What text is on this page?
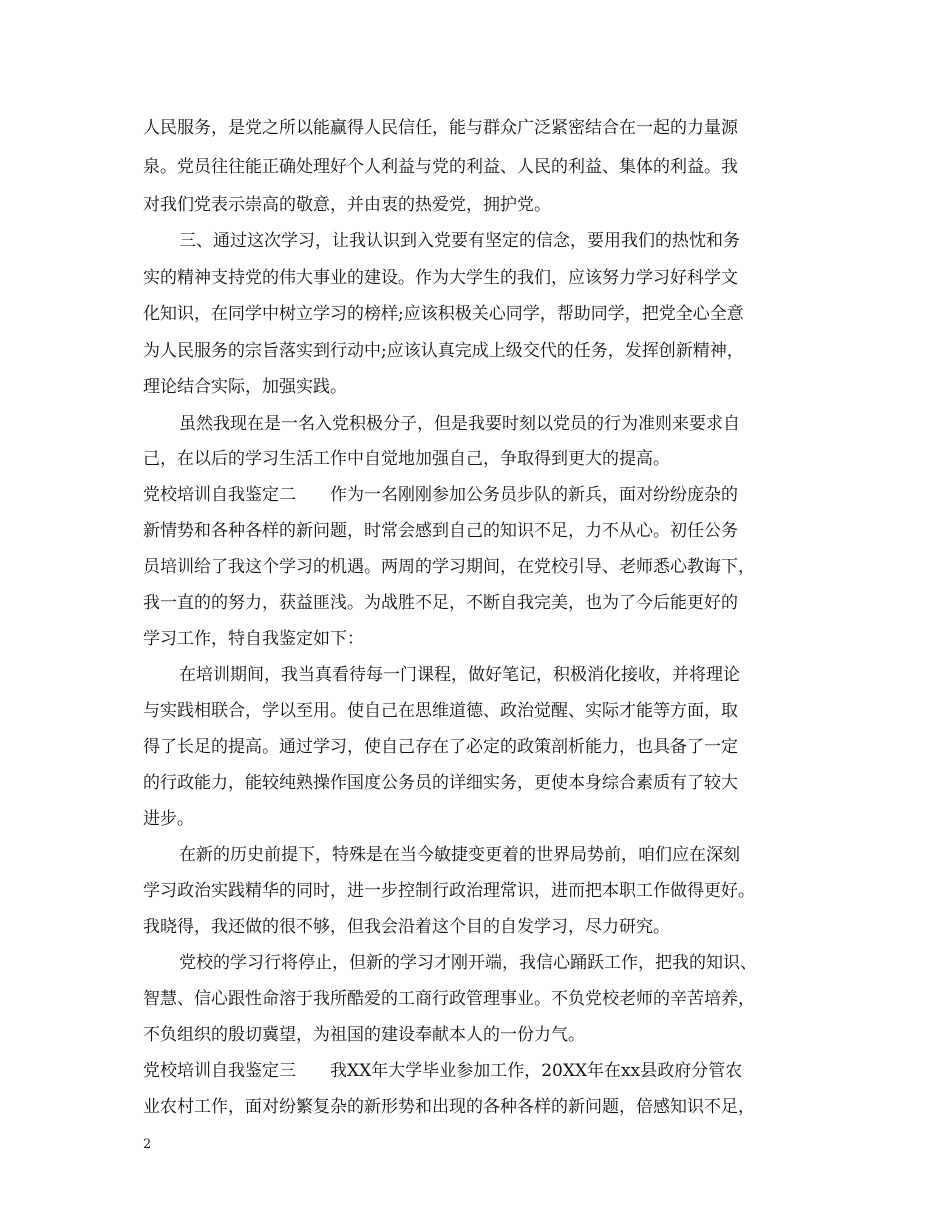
人民服务，是党之所以能赢得人民信任，能与群众广泛紧密结合在一起的力量源
泉。党员往往能正确处理好个人利益与党的利益、人民的利益、集体的利益。我
对我们党表示崇高的敬意，并由衷的热爱党，拥护党。
三、通过这次学习，让我认识到入党要有坚定的信念，要用我们的热忱和务
实的精神支持党的伟大事业的建设。作为大学生的我们，应该努力学习好科学文
化知识，在同学中树立学习的榜样;应该积极关心同学，帮助同学，把党全心全意
为人民服务的宗旨落实到行动中;应该认真完成上级交代的任务，发挥创新精神，
理论结合实际，加强实践。
虽然我现在是一名入党积极分子，但是我要时刻以党员的行为准则来要求自
己，在以后的学习生活工作中自觉地加强自己，争取得到更大的提高。
党校培训自我鉴定二　　作为一名刚刚参加公务员步队的新兵，面对纷纷庞杂的
新情势和各种各样的新问题，时常会感到自己的知识不足，力不从心。初任公务
员培训给了我这个学习的机遇。两周的学习期间，在党校引导、老师悉心教诲下，
我一直的的努力，获益匪浅。为战胜不足，不断自我完美，也为了今后能更好的
学习工作，特自我鉴定如下：
在培训期间，我当真看待每一门课程，做好笔记，积极消化接收，并将理论
与实践相联合，学以至用。使自己在思维道德、政治觉醒、实际才能等方面，取
得了长足的提高。通过学习，使自己存在了必定的政策剖析能力，也具备了一定
的行政能力，能较纯熟操作国度公务员的详细实务，更使本身综合素质有了较大
进步。
在新的历史前提下，特殊是在当今敏捷变更着的世界局势前，咱们应在深刻
学习政治实践精华的同时，进一步控制行政治理常识，进而把本职工作做得更好。
我晓得，我还做的很不够，但我会沿着这个目的自发学习，尽力研究。
党校的学习行将停止，但新的学习才刚开端，我信心踊跃工作，把我的知识、
智慧、信心跟性命溶于我所酷爱的工商行政管理事业。不负党校老师的辛苦培养，
不负组织的殷切冀望，为祖国的建设奉献本人的一份力气。
党校培训自我鉴定三　　我XX年大学毕业参加工作，20XX年在xx县政府分管农
业农村工作，面对纷繁复杂的新形势和出现的各种各样的新问题，倍感知识不足，
2
